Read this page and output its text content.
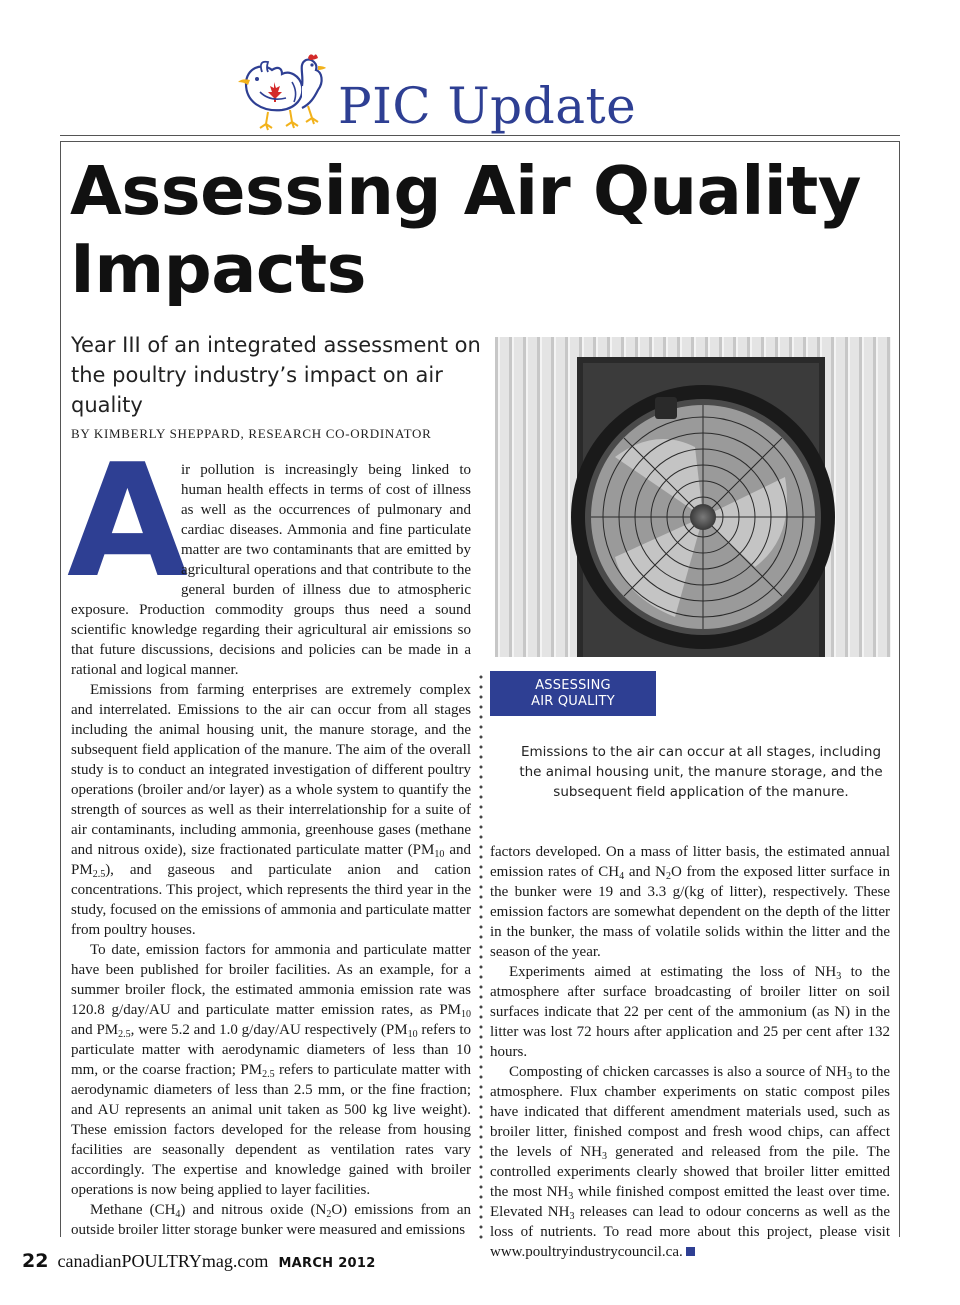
PIC Update
Assessing Air Quality
Impacts
Year III of an integrated assessment on the poultry industry’s impact on air quality
BY KIMBERLY SHEPPARD, RESEARCH CO-ORDINATOR

A
ir pollution is increasingly being linked to human health effects in terms of cost of illness as well as the occurrences of pulmonary and cardiac diseases. Ammonia and fine particulate matter are two contaminants that are emitted by agricultural operations and that contribute to the general burden of illness due to atmospheric exposure. Production commodity groups thus need a sound scientific knowledge regarding their agricultural air emissions so that future discussions, decisions and policies can be made in a rational and logical manner.

Emissions from farming enterprises are extremely complex and interrelated. Emissions to the air can occur from all stages including the animal housing unit, the manure storage, and the subsequent field application of the manure. The aim of the overall study is to conduct an integrated investigation of different poultry operations (broiler and/or layer) as a whole system to quantify the strength of sources as well as their interrelationship for a suite of air contaminants, including ammonia, greenhouse gases (methane and nitrous oxide), size fractionated particulate matter ($PM_{10}$ and $PM_{2.5}$), and gaseous and particulate anion and cation concentrations. This project, which represents the third year in the study, focused on the emissions of ammonia and particulate matter from poultry houses.

To date, emission factors for ammonia and particulate matter have been published for broiler facilities. As an example, for a summer broiler flock, the estimated ammonia emission rate was 120.8 g/day/AU and particulate matter emission rates, as $PM_{10}$ and $PM_{2.5}$, were 5.2 and 1.0 g/day/AU respectively ($PM_{10}$ refers to particulate matter with aerodynamic diameters of less than 10 mm, or the coarse fraction; $PM_{2.5}$ refers to particulate matter with aerodynamic diameters of less than 2.5 mm, or the fine fraction; and AU represents an animal unit taken as 500 kg live weight). These emission factors developed for the release from housing facilities are seasonally dependent as ventilation rates vary accordingly. The expertise and knowledge gained with broiler operations is now being applied to layer facilities.

Methane $(CH_4)$ and nitrous oxide $(N_2O)$ emissions from an outside broiler litter storage bunker were measured and emissions

ASSESSING
AIR QUALITY
Emissions to the air can occur at all stages, including the animal housing unit, the manure storage, and the subsequent field application of the manure.

factors developed. On a mass of litter basis, the estimated annual emission rates of $CH_4$ and $N_2O$ from the exposed litter surface in the bunker were 19 and 3.3 g/(kg of litter), respectively. These emission factors are somewhat dependent on the depth of the litter in the bunker, the mass of volatile solids within the litter and the season of the year.

Experiments aimed at estimating the loss of $NH_3$ to the atmosphere after surface broadcasting of broiler litter on soil surfaces indicate that 22 per cent of the ammonium (as N) in the litter was lost 72 hours after application and 25 per cent after 132 hours.

Composting of chicken carcasses is also a source of $NH_3$ to the atmosphere. Flux chamber experiments on static compost piles have indicated that different amendment materials used, such as broiler litter, finished compost and fresh wood chips, can affect the levels of $NH_3$ generated and released from the pile. The controlled experiments clearly showed that broiler litter emitted the most $NH_3$ while finished compost emitted the least over time. Elevated $NH_3$ releases can lead to odour concerns as well as the loss of nutrients. To read more about this project, please visit www.poultryindustrycouncil.ca.

22 canadianPOULTRYmag.com MARCH 2012
